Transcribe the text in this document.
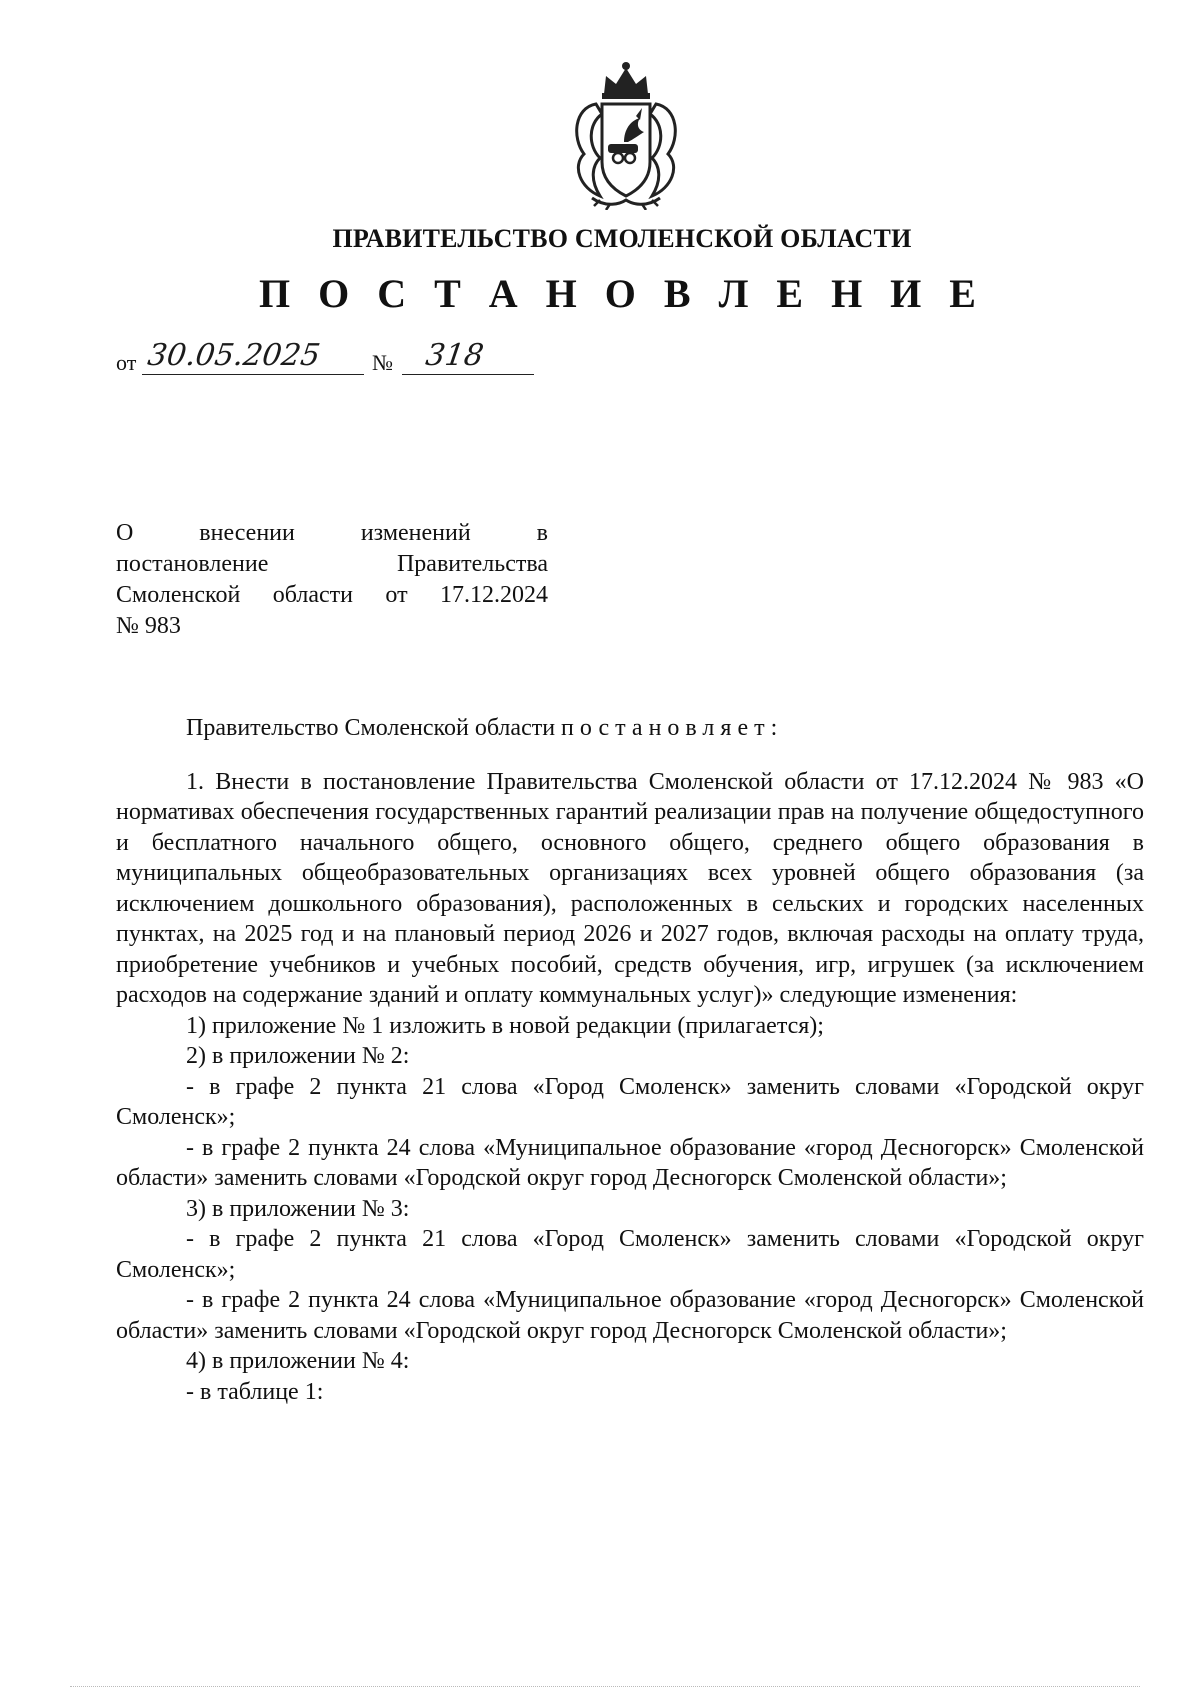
ПРАВИТЕЛЬСТВО СМОЛЕНСКОЙ ОБЛАСТИ
П О С Т А Н О В Л Е Н И Е
от 30.05.2025 № 318
О внесении изменений в
постановление Правительства
Смоленской области от 17.12.2024
№ 983

Правительство Смоленской области постановляет:

1. Внести в постановление Правительства Смоленской области от 17.12.2024 № 983 «О нормативах обеспечения государственных гарантий реализации прав на получение общедоступного и бесплатного начального общего, основного общего, среднего общего образования в муниципальных общеобразовательных организациях всех уровней общего образования (за исключением дошкольного образования), расположенных в сельских и городских населенных пунктах, на 2025 год и на плановый период 2026 и 2027 годов, включая расходы на оплату труда, приобретение учебников и учебных пособий, средств обучения, игр, игрушек (за исключением расходов на содержание зданий и оплату коммунальных услуг)» следующие изменения:

1) приложение № 1 изложить в новой редакции (прилагается);

2) в приложении № 2:

- в графе 2 пункта 21 слова «Город Смоленск» заменить словами «Городской округ Смоленск»;

- в графе 2 пункта 24 слова «Муниципальное образование «город Десногорск» Смоленской области» заменить словами «Городской округ город Десногорск Смоленской области»;

3) в приложении № 3:

- в графе 2 пункта 21 слова «Город Смоленск» заменить словами «Городской округ Смоленск»;

- в графе 2 пункта 24 слова «Муниципальное образование «город Десногорск» Смоленской области» заменить словами «Городской округ город Десногорск Смоленской области»;

4) в приложении № 4:

- в таблице 1:
